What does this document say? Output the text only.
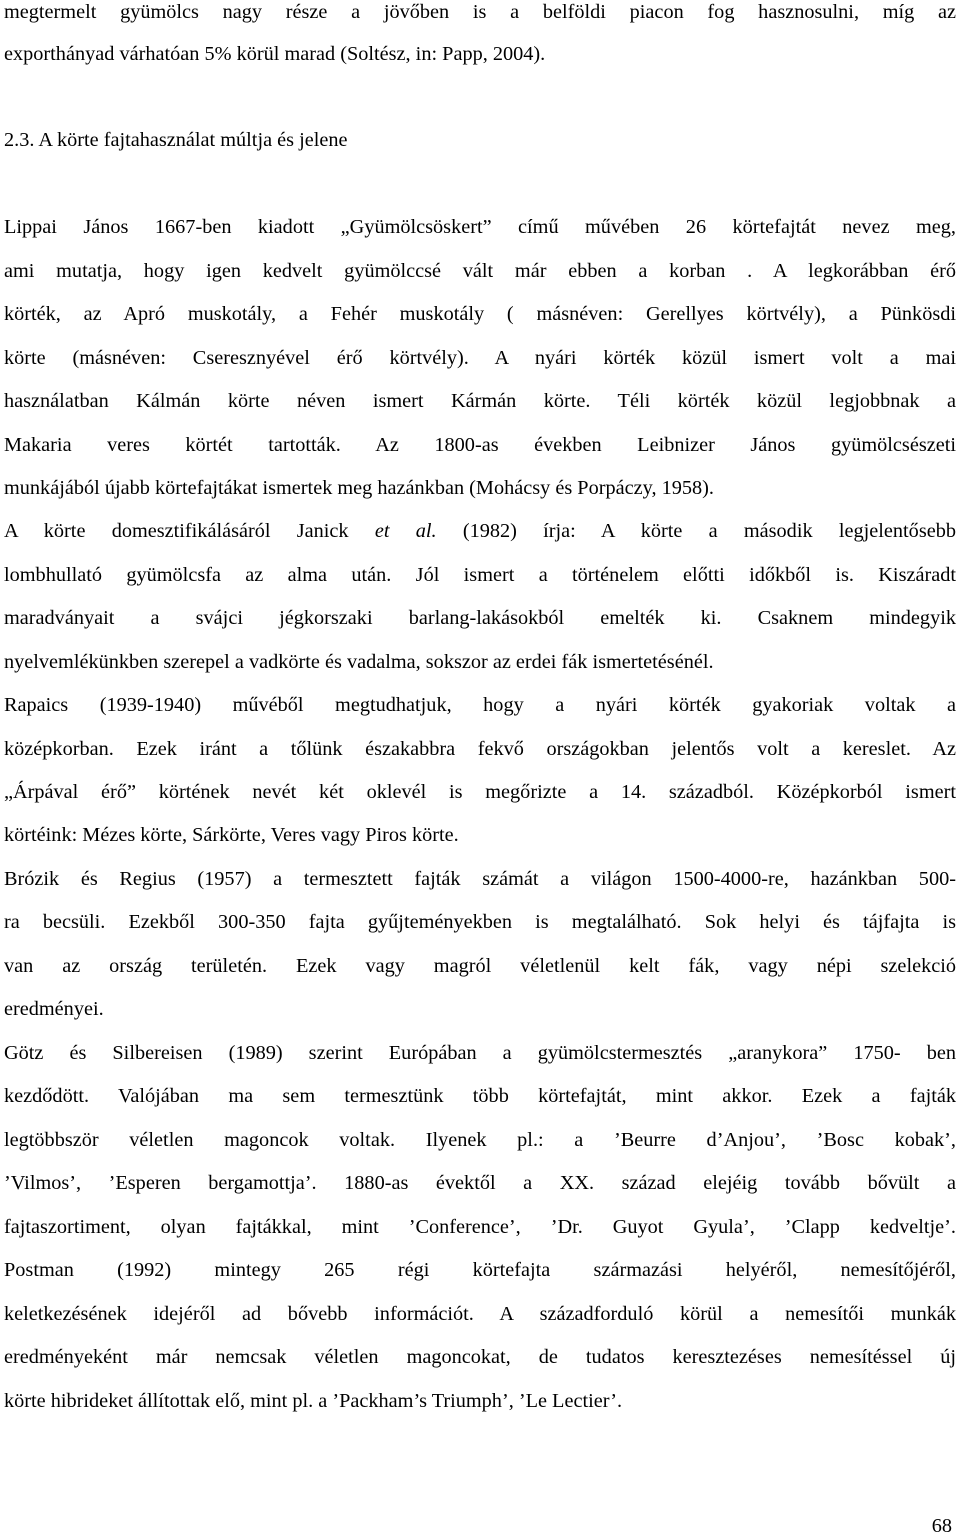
megtermelt gyümölcs nagy része a jövőben is a belföldi piacon fog hasznosulni, míg az
exporthányad várhatóan 5% körül marad (Soltész, in: Papp, 2004).
2.3. A körte fajtahasználat múltja és jelene
Lippai János 1667-ben kiadott „Gyümölcsöskert” című művében 26 körtefajtát nevez meg,
ami mutatja, hogy igen kedvelt gyümölccsé vált már ebben a korban . A legkorábban érő
körték, az Apró muskotály, a Fehér muskotály ( másnéven: Gerellyes körtvély), a Pünkösdi
körte (másnéven: Cseresznyével érő körtvély). A nyári körték közül ismert volt a mai
használatban Kálmán körte néven ismert Kármán körte. Téli körték közül legjobbnak a
Makaria veres körtét tartották. Az 1800-as években Leibnizer János gyümölcsészeti
munkájából újabb körtefajtákat ismertek meg hazánkban (Mohácsy és Porpáczy, 1958).
A körte domesztifikálásáról Janick et al. (1982) írja: A körte a második legjelentősebb
lombhullató gyümölcsfa az alma után. Jól ismert a történelem előtti időkből is. Kiszáradt
maradványait a svájci jégkorszaki barlang-lakásokból emelték ki. Csaknem mindegyik
nyelvemlékünkben szerepel a vadkörte és vadalma, sokszor az erdei fák ismertetésénél.
Rapaics (1939-1940) művéből megtudhatjuk, hogy a nyári körték gyakoriak voltak a
középkorban. Ezek iránt a tőlünk északabbra fekvő országokban jelentős volt a kereslet. Az
„Árpával érő” körtének nevét két oklevél is megőrizte a 14. századból. Középkorból ismert
körtéink: Mézes körte, Sárkörte, Veres vagy Piros körte.
Brózik és Regius (1957) a termesztett fajták számát a világon 1500-4000-re, hazánkban 500-
ra becsüli. Ezekből 300-350 fajta gyűjteményekben is megtalálható. Sok helyi és tájfajta is
van az ország területén. Ezek vagy magról véletlenül kelt fák, vagy népi szelekció
eredményei.
Götz és Silbereisen (1989) szerint Európában a gyümölcstermesztés „aranykora” 1750- ben
kezdődött. Valójában ma sem termesztünk több körtefajtát, mint akkor. Ezek a fajták
legtöbbször véletlen magoncok voltak. Ilyenek pl.: a ’Beurre d’Anjou’, ’Bosc kobak’,
’Vilmos’, ’Esperen bergamottja’. 1880-as évektől a XX. század elejéig tovább bővült a
fajtaszortiment, olyan fajtákkal, mint ’Conference’, ’Dr. Guyot Gyula’, ’Clapp kedveltje’.
Postman (1992) mintegy 265 régi körtefajta származási helyéről, nemesítőjéről,
keletkezésének idejéről ad bővebb információt. A századforduló körül a nemesítői munkák
eredményeként már nemcsak véletlen magoncokat, de tudatos keresztezéses nemesítéssel új
körte hibrideket állítottak elő, mint pl. a ’Packham’s Triumph’, ’Le Lectier’.
68
